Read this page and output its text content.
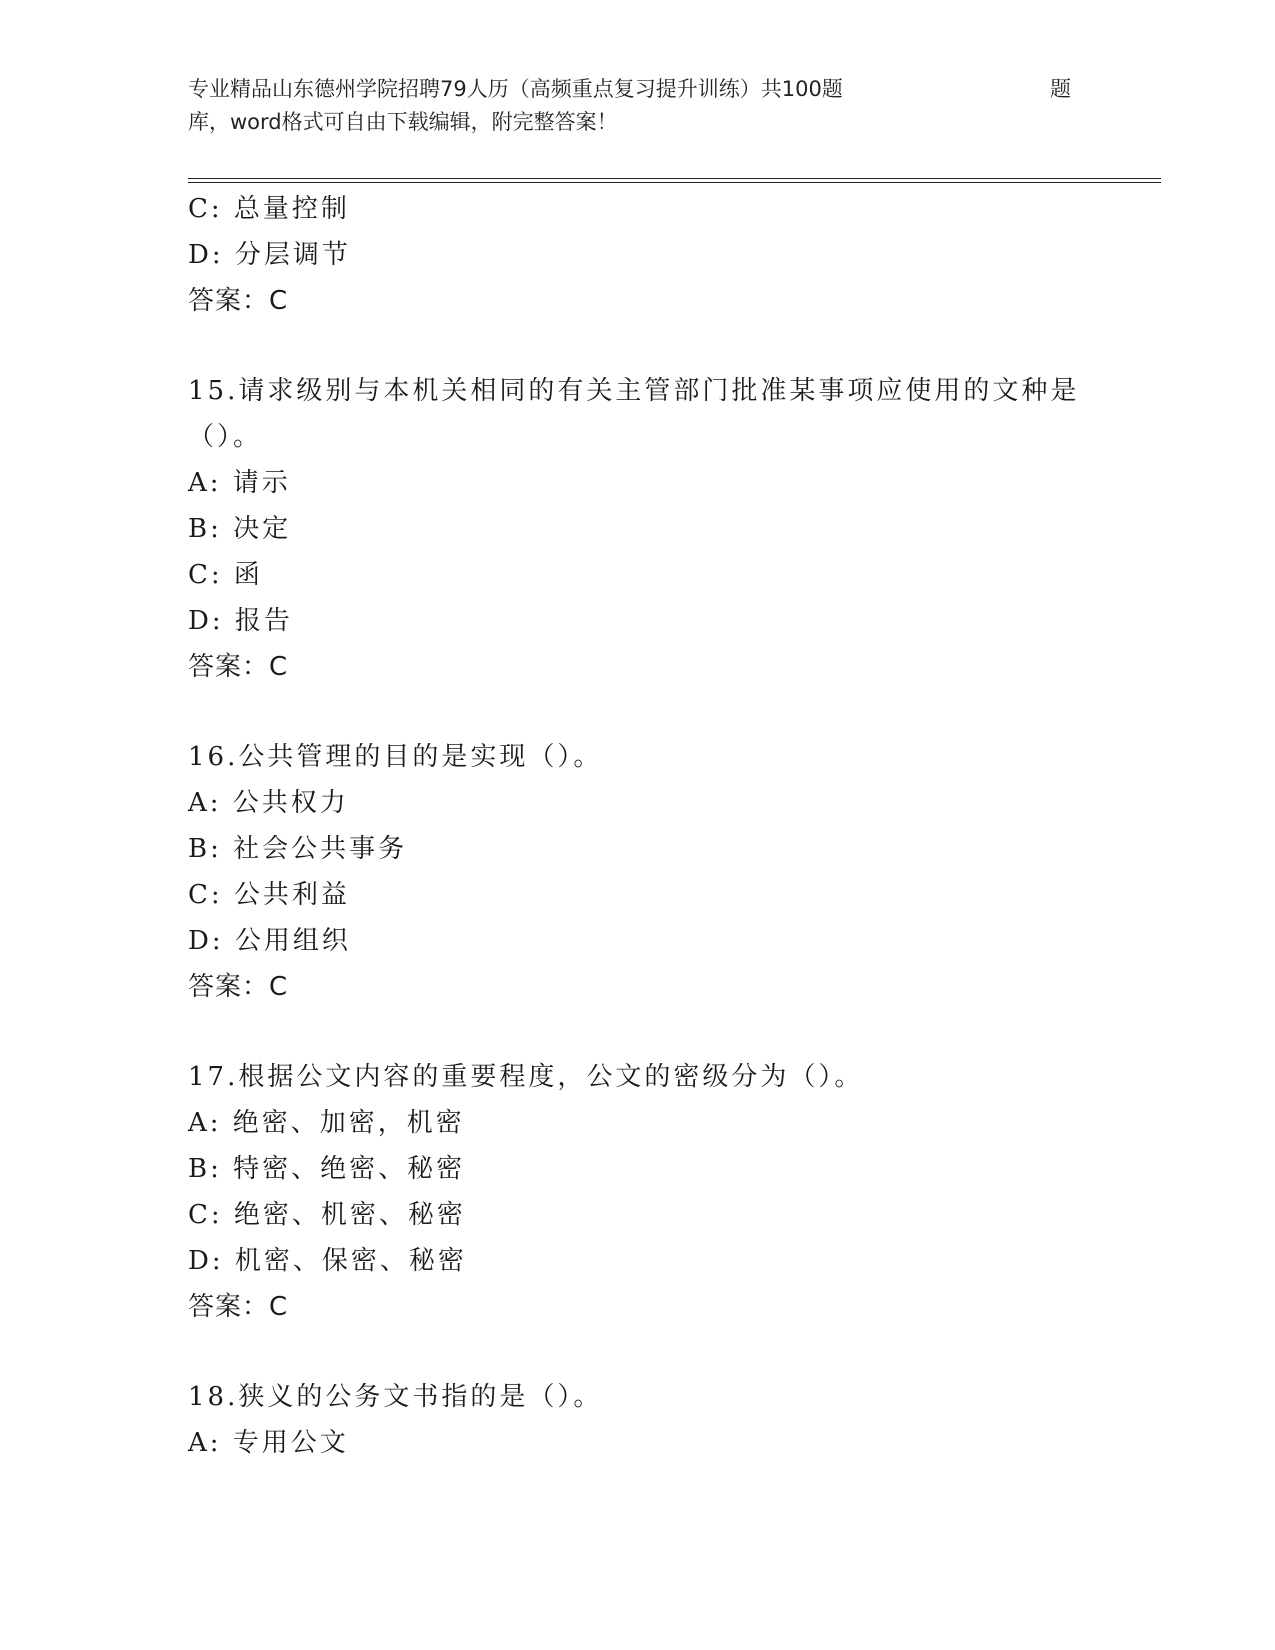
专业精品山东德州学院招聘79人历（高频重点复习提升训练）共100题
库，word格式可自由下载编辑，附完整答案！
题
C: 总量控制
D: 分层调节
答案：C
15.请求级别与本机关相同的有关主管部门批准某事项应使用的文种是
（）。
A: 请示
B: 决定
C: 函
D: 报告
答案：C
16.公共管理的目的是实现（）。
A: 公共权力
B: 社会公共事务
C: 公共利益
D: 公用组织
答案：C
17.根据公文内容的重要程度，公文的密级分为（）。
A: 绝密、加密，机密
B: 特密、绝密、秘密
C: 绝密、机密、秘密
D: 机密、保密、秘密
答案：C
18.狭义的公务文书指的是（）。
A: 专用公文
